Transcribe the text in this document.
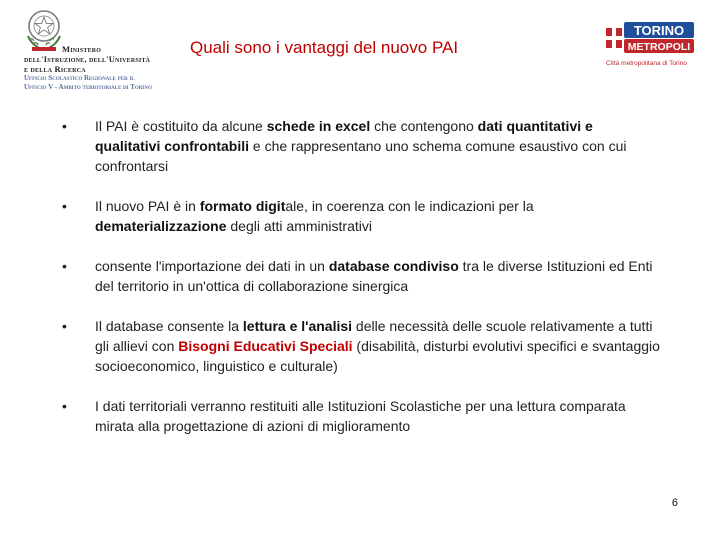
Ministero
dell'Istruzione, dell'Università
e della Ricerca
Ufficio Scolastico Regionale per il
Ufficio V - Ambito territoriale di Torino
Quali sono i vantaggi del nuovo PAI
TORINO
METROPOLI
Città metropolitana di Torino
• Il PAI è costituito da alcune schede in excel che contengono dati quantitativi e qualitativi confrontabili e che rappresentano uno schema comune esaustivo con cui confrontarsi
• Il nuovo PAI è in formato digitale, in coerenza con le indicazioni per la dematerializzazione degli atti amministrativi
• consente l'importazione dei dati in un database condiviso tra le diverse Istituzioni ed Enti del territorio in un'ottica di collaborazione sinergica
• Il database consente la lettura e l'analisi delle necessità delle scuole relativamente a tutti gli allievi con Bisogni Educativi Speciali (disabilità, disturbi evolutivi specifici e svantaggio socioeconomico, linguistico e culturale)
• I dati territoriali verranno restituiti alle Istituzioni Scolastiche per una lettura comparata mirata alla progettazione di azioni di miglioramento
6
